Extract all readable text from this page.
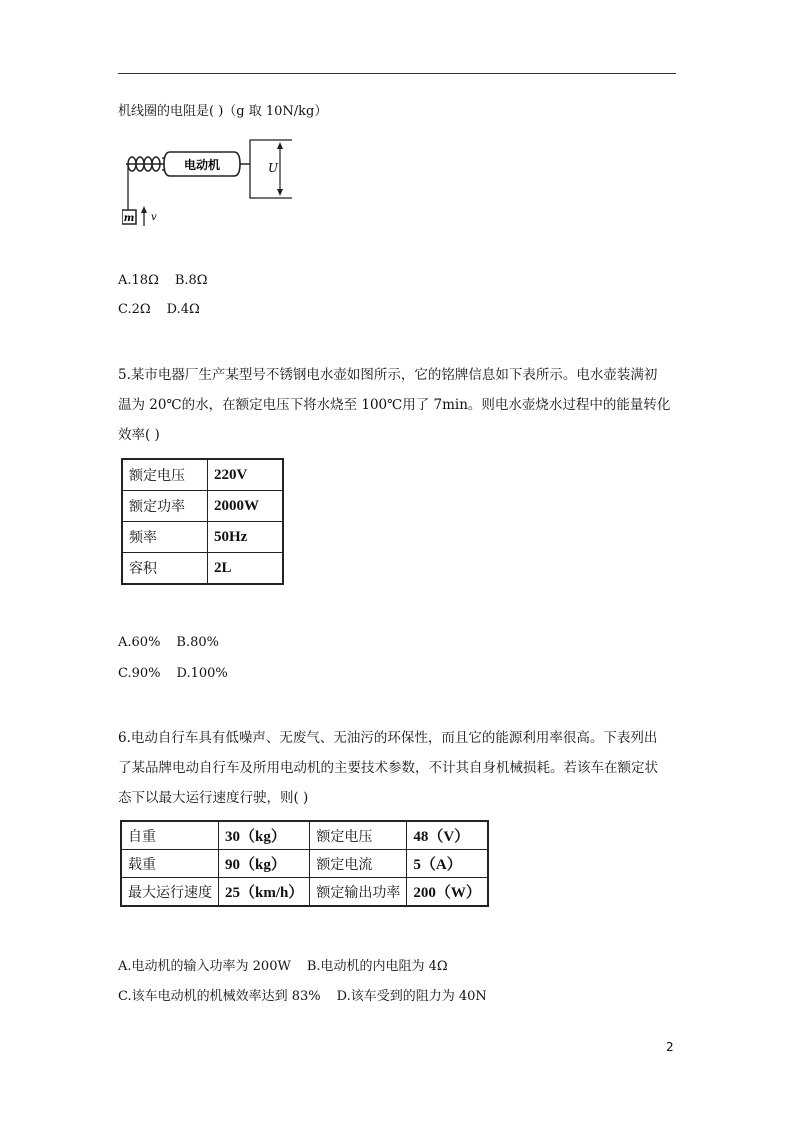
机线圈的电阻是( )（g 取 10N/kg）
电动机	U
m v
A.18Ω B.8Ω
C.2Ω D.4Ω
5.某市电器厂生产某型号不锈钢电水壶如图所示，它的铭牌信息如下表所示。电水壶装满初
温为 20℃的水，在额定电压下将水烧至 100℃用了 7min。则电水壶烧水过程中的能量转化
效率( )
额定电压	220V
额定功率	2000W
频率	50Hz
容积	2L
A.60% B.80%
C.90% D.100%
6.电动自行车具有低噪声、无废气、无油污的环保性，而且它的能源利用率很高。下表列出
了某品牌电动自行车及所用电动机的主要技术参数，不计其自身机械损耗。若该车在额定状
态下以最大运行速度行驶，则( )
自重	30（kg）	额定电压	48（V）
载重	90（kg）	额定电流	5（A）
最大运行速度	25（km/h）	额定输出功率	200（W）
A.电动机的输入功率为 200W B.电动机的内电阻为 4Ω
C.该车电动机的机械效率达到 83% D.该车受到的阻力为 40N
2
